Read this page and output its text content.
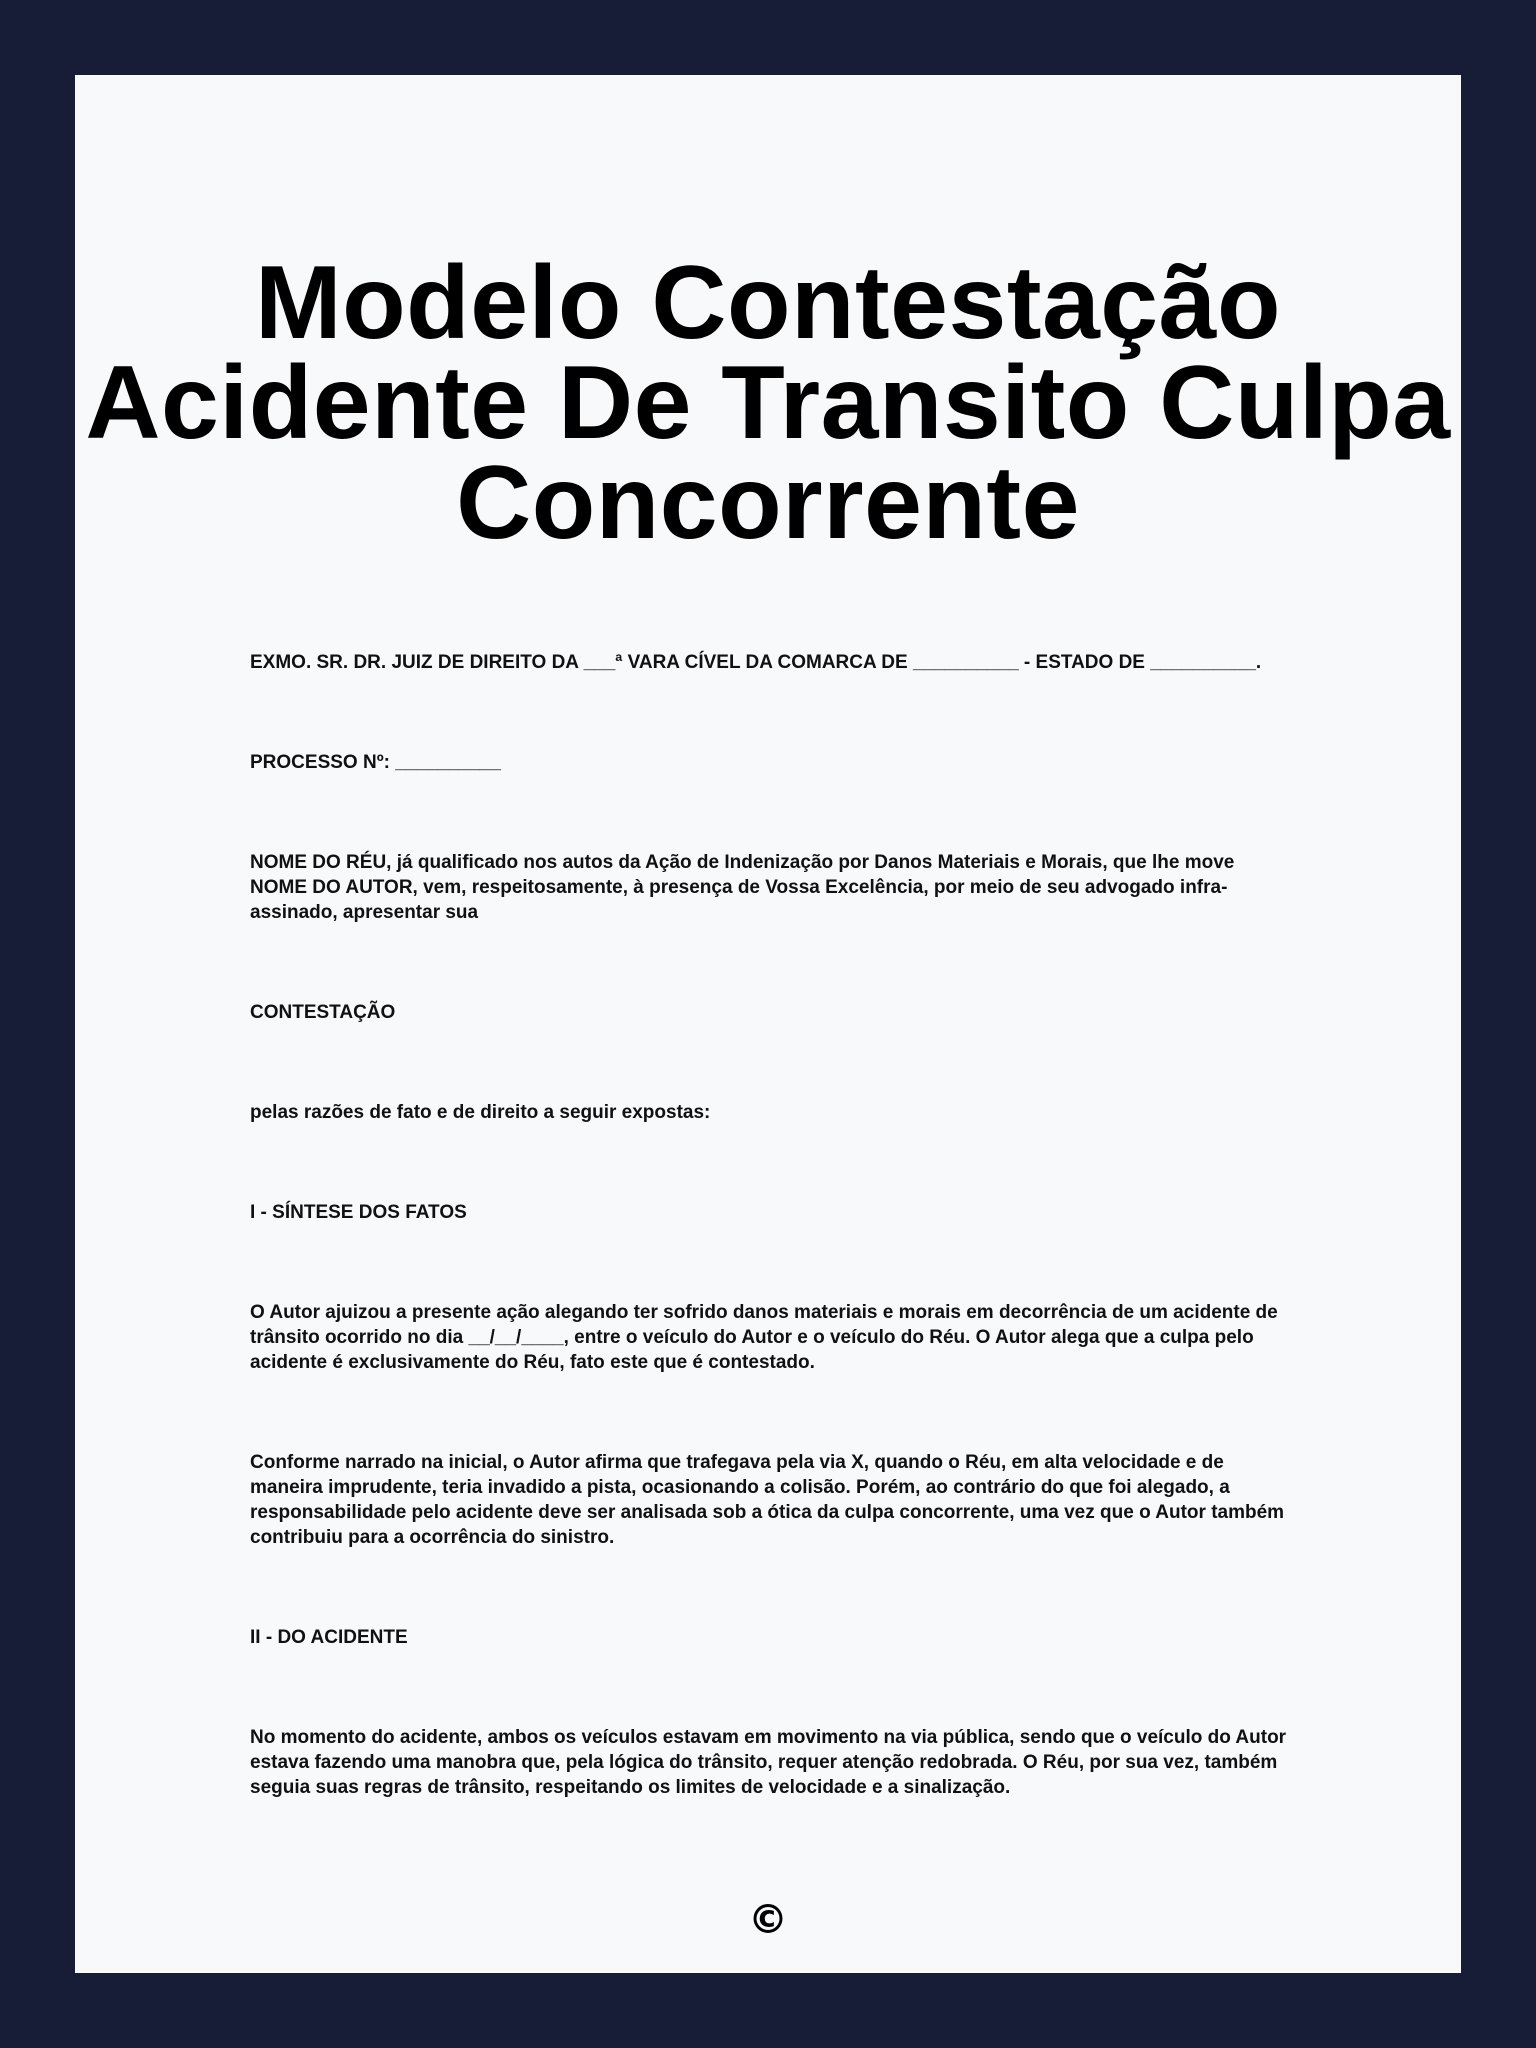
Modelo Contestação Acidente De Transito Culpa Concorrente

EXMO. SR. DR. JUIZ DE DIREITO DA ___ª VARA CÍVEL DA COMARCA DE __________ - ESTADO DE __________.

PROCESSO Nº: __________

NOME DO RÉU, já qualificado nos autos da Ação de Indenização por Danos Materiais e Morais, que lhe move NOME DO AUTOR, vem, respeitosamente, à presença de Vossa Excelência, por meio de seu advogado infra-assinado, apresentar sua

CONTESTAÇÃO

pelas razões de fato e de direito a seguir expostas:

I - SÍNTESE DOS FATOS

O Autor ajuizou a presente ação alegando ter sofrido danos materiais e morais em decorrência de um acidente de trânsito ocorrido no dia __/__/____, entre o veículo do Autor e o veículo do Réu. O Autor alega que a culpa pelo acidente é exclusivamente do Réu, fato este que é contestado.

Conforme narrado na inicial, o Autor afirma que trafegava pela via X, quando o Réu, em alta velocidade e de maneira imprudente, teria invadido a pista, ocasionando a colisão. Porém, ao contrário do que foi alegado, a responsabilidade pelo acidente deve ser analisada sob a ótica da culpa concorrente, uma vez que o Autor também contribuiu para a ocorrência do sinistro.

II - DO ACIDENTE

No momento do acidente, ambos os veículos estavam em movimento na via pública, sendo que o veículo do Autor estava fazendo uma manobra que, pela lógica do trânsito, requer atenção redobrada. O Réu, por sua vez, também seguia suas regras de trânsito, respeitando os limites de velocidade e a sinalização.

©
